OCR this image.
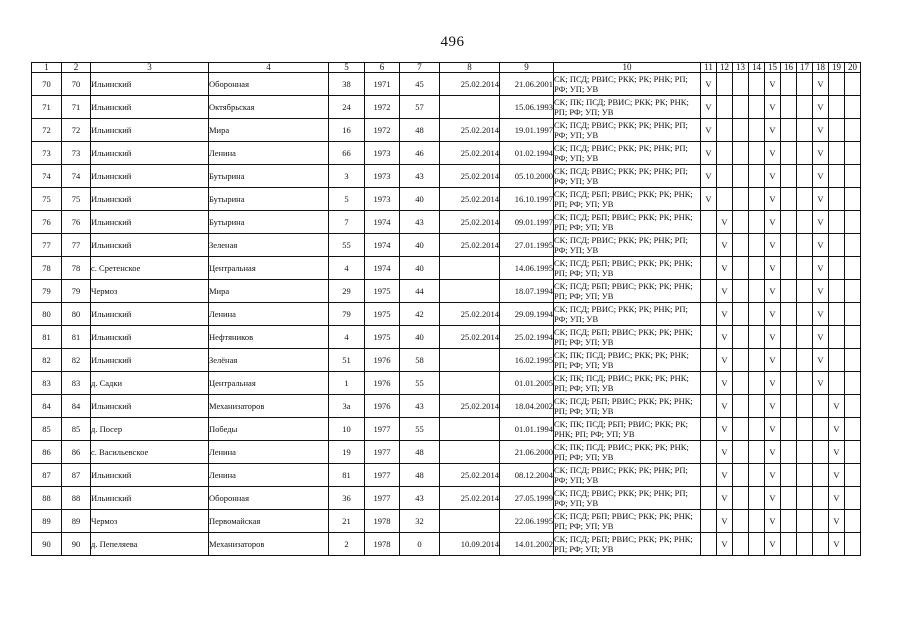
496
1	2	3	4	5	6	7	8	9	10	11	12	13	14	15	16	17	18	19	20
70	70	Ильинский	Оборонная	38	1971	45	25.02.2014	21.06.2001	СК; ПСД; РВИС; РКК; РК; РНК; РП; РФ; УП; УВ	V				V			V		
71	71	Ильинский	Октябрьская	24	1972	57		15.06.1993	СК; ПК; ПСД; РВИС; РКК; РК; РНК; РП; РФ; УП; УВ	V				V			V		
72	72	Ильинский	Мира	16	1972	48	25.02.2014	19.01.1997	СК; ПСД; РВИС; РКК; РК; РНК; РП; РФ; УП; УВ	V				V			V		
73	73	Ильинский	Ленина	66	1973	46	25.02.2014	01.02.1994	СК; ПСД; РВИС; РКК; РК; РНК; РП; РФ; УП; УВ	V				V			V		
74	74	Ильинский	Бутырина	3	1973	43	25.02.2014	05.10.2000	СК; ПСД; РВИС; РКК; РК; РНК; РП; РФ; УП; УВ	V				V			V		
75	75	Ильинский	Бутырина	5	1973	40	25.02.2014	16.10.1997	СК; ПСД; РБП; РВИС; РКК; РК; РНК; РП; РФ; УП; УВ	V				V			V		
76	76	Ильинский	Бутырина	7	1974	43	25.02.2014	09.01.1997	СК; ПСД; РБП; РВИС; РКК; РК; РНК; РП; РФ; УП; УВ		V			V			V		
77	77	Ильинский	Зеленая	55	1974	40	25.02.2014	27.01.1995	СК; ПСД; РВИС; РКК; РК; РНК; РП; РФ; УП; УВ		V			V			V		
78	78	с. Сретенское	Центральная	4	1974	40		14.06.1995	СК; ПСД; РБП; РВИС; РКК; РК; РНК; РП; РФ; УП; УВ		V			V			V		
79	79	Чермоз	Мира	29	1975	44		18.07.1994	СК; ПСД; РБП; РВИС; РКК; РК; РНК; РП; РФ; УП; УВ		V			V			V		
80	80	Ильинский	Ленина	79	1975	42	25.02.2014	29.09.1994	СК; ПСД; РВИС; РКК; РК; РНК; РП; РФ; УП; УВ		V			V			V		
81	81	Ильинский	Нефтяников	4	1975	40	25.02.2014	25.02.1994	СК; ПСД; РБП; РВИС; РКК; РК; РНК; РП; РФ; УП; УВ		V			V			V		
82	82	Ильинский	Зелёная	51	1976	58		16.02.1995	СК; ПК; ПСД; РВИС; РКК; РК; РНК; РП; РФ; УП; УВ		V			V			V		
83	83	д. Садки	Центральная	1	1976	55		01.01.2005	СК; ПК; ПСД; РВИС; РКК; РК; РНК; РП; РФ; УП; УВ		V			V			V		
84	84	Ильинский	Механизаторов	3а	1976	43	25.02.2014	18.04.2002	СК; ПСД; РБП; РВИС; РКК; РК; РНК; РП; РФ; УП; УВ		V			V				V	
85	85	д. Посер	Победы	10	1977	55		01.01.1994	СК; ПК; ПСД; РБП; РВИС; РКК; РК; РНК; РП; РФ; УП; УВ		V			V				V	
86	86	с. Васильевское	Ленина	19	1977	48		21.06.2000	СК; ПК; ПСД; РВИС; РКК; РК; РНК; РП; РФ; УП; УВ		V			V				V	
87	87	Ильинский	Ленина	81	1977	48	25.02.2014	08.12.2004	СК; ПСД; РВИС; РКК; РК; РНК; РП; РФ; УП; УВ		V			V				V	
88	88	Ильинский	Оборонная	36	1977	43	25.02.2014	27.05.1999	СК; ПСД; РВИС; РКК; РК; РНК; РП; РФ; УП; УВ		V			V				V	
89	89	Чермоз	Первомайская	21	1978	32		22.06.1995	СК; ПСД; РБП; РВИС; РКК; РК; РНК; РП; РФ; УП; УВ		V			V				V	
90	90	д. Пепеляева	Механизаторов	2	1978	0	10.09.2014	14.01.2002	СК; ПСД; РБП; РВИС; РКК; РК; РНК; РП; РФ; УП; УВ		V			V				V	
